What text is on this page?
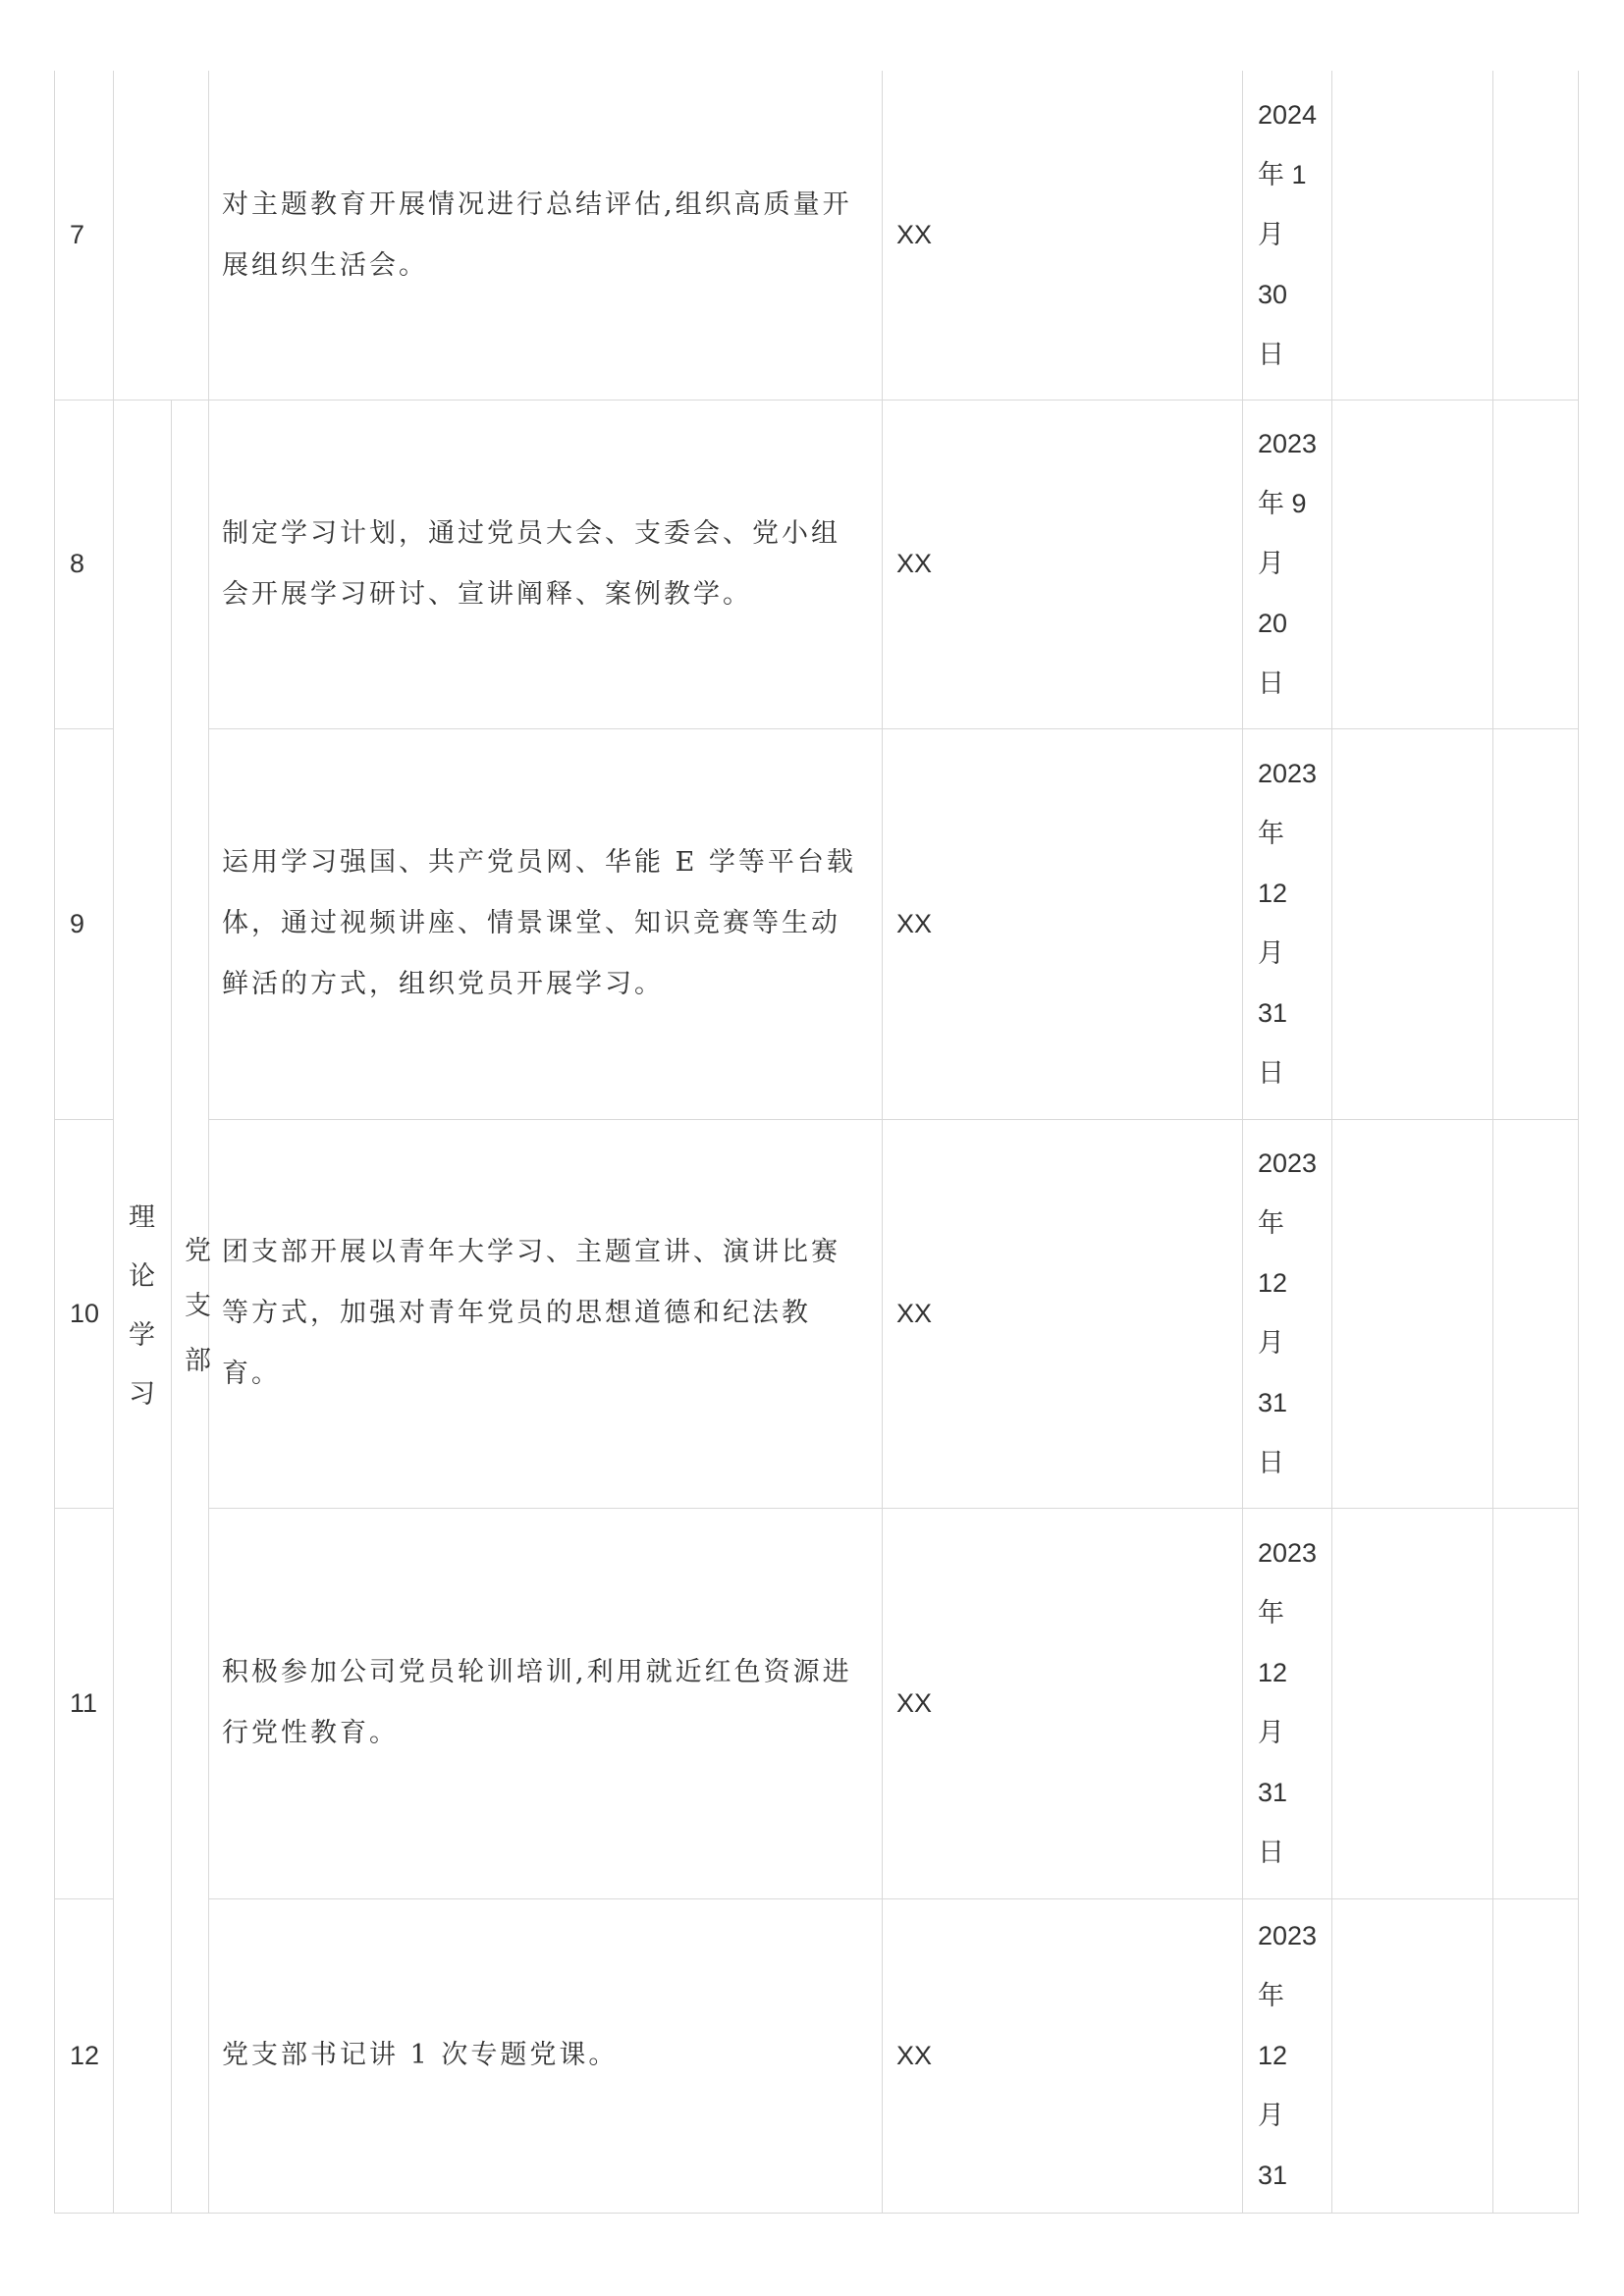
理
论
学
习
党
支
部
7
对主题教育开展情况进行总结评估,组织高质量开展组织生活会。
XX
2024
年 1
月
30
日
8
制定学习计划，通过党员大会、支委会、党小组会开展学习研讨、宣讲阐释、案例教学。
XX
2023
年 9
月
20
日
9
运用学习强国、共产党员网、华能 E 学等平台载体，通过视频讲座、情景课堂、知识竞赛等生动鲜活的方式，组织党员开展学习。
XX
2023
年
12
月
31
日
10
团支部开展以青年大学习、主题宣讲、演讲比赛等方式，加强对青年党员的思想道德和纪法教育。
XX
2023
年
12
月
31
日
11
积极参加公司党员轮训培训,利用就近红色资源进行党性教育。
XX
2023
年
12
月
31
日
12	党支部书记讲 1 次专题党课。	XX
2023
年
12
月
31
